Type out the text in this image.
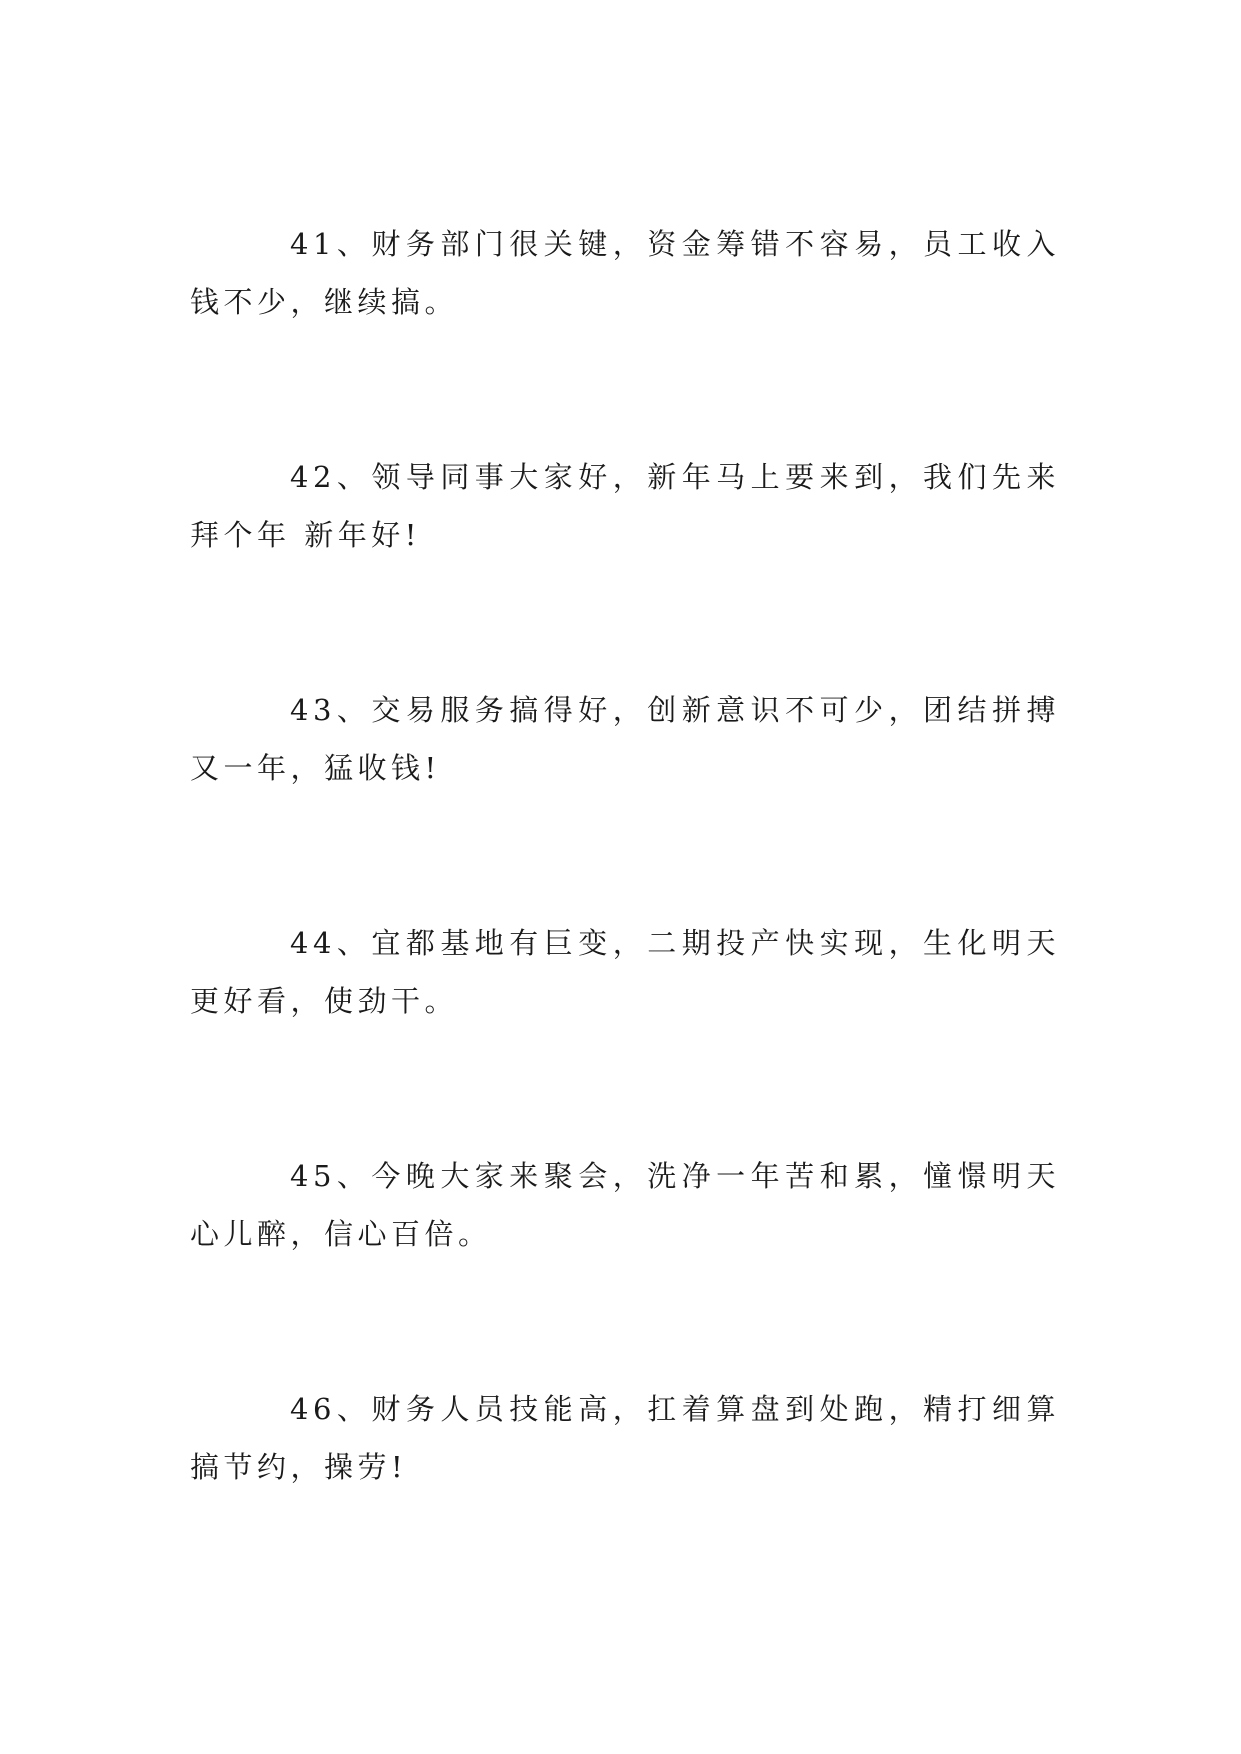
41、财务部门很关键，资金筹错不容易，员工收入钱不少，继续搞。

42、领导同事大家好，新年马上要来到，我们先来拜个年 新年好!

43、交易服务搞得好，创新意识不可少，团结拼搏又一年，猛收钱!

44、宜都基地有巨变，二期投产快实现，生化明天更好看，使劲干。

45、今晚大家来聚会，洗净一年苦和累，憧憬明天心儿醉，信心百倍。

46、财务人员技能高，扛着算盘到处跑，精打细算搞节约，操劳!
